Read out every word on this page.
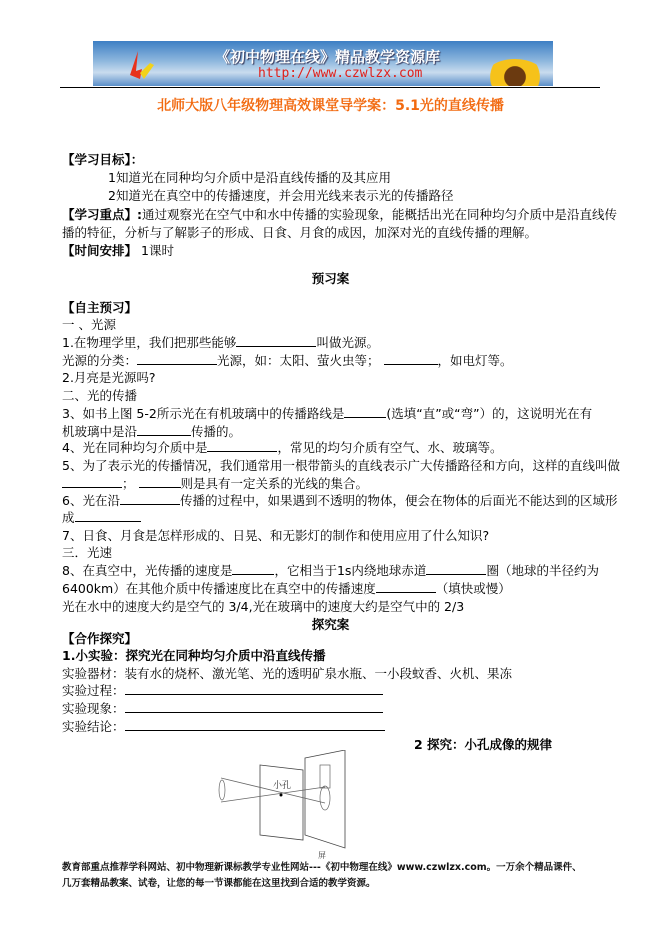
《初中物理在线》精品教学资源库
http://www.czwlzx.com
北师大版八年级物理高效课堂导学案：5.1光的直线传播
【学习目标】：
1知道光在同种均匀介质中是沿直线传播的及其应用
2知道光在真空中的传播速度，并会用光线来表示光的传播路径
【学习重点】:通过观察光在空气中和水中传播的实验现象，能概括出光在同种均匀介质中是沿直线传
播的特征，分析与了解影子的形成、日食、月食的成因，加深对光的直线传播的理解。
【时间安排】 1课时
预习案
【自主预习】
一 、光源
1.在物理学里，我们把那些能够	叫做光源。
光源的分类：	光源，如：太阳、萤火虫等；	，如电灯等。
2.月亮是光源吗?
二、光的传播
3、如书上图 5-2所示光在有机玻璃中的传播路线是	(选填“直”或“弯”）的，这说明光在有
机玻璃中是沿	传播的。
4、光在同种均匀介质中是	，常见的均匀介质有空气、水、玻璃等。
5、为了表示光的传播情况，我们通常用一根带箭头的直线表示广大传播路径和方向，这样的直线叫做
；	则是具有一定关系的光线的集合。
6、光在沿	传播的过程中，如果遇到不透明的物体，便会在物体的后面光不能达到的区域形
成
7、日食、月食是怎样形成的、日晃、和无影灯的制作和使用应用了什么知识?
三．光速
8、在真空中，光传播的速度是	，它相当于1s内绕地球赤道	圈（地球的半径约为
6400km）在其他介质中传播速度比在真空中的传播速度	（填快或慢）
光在水中的速度大约是空气的 3/4,光在玻璃中的速度大约是空气中的 2/3
探究案
【合作探究】
1.小实验：探究光在同种均匀介质中沿直线传播
实验器材：装有水的烧杯、激光笔、光的透明矿泉水瓶、一小段蚊香、火机、果冻
实验过程：
实验现象：
实验结论：
2 探究：小孔成像的规律
小孔
屏
教育部重点推荐学科网站、初中物理新课标教学专业性网站---《初中物理在线》www.czwlzx.com。一万余个精品课件、
几万套精品教案、试卷，让您的每一节课都能在这里找到合适的教学资源。
